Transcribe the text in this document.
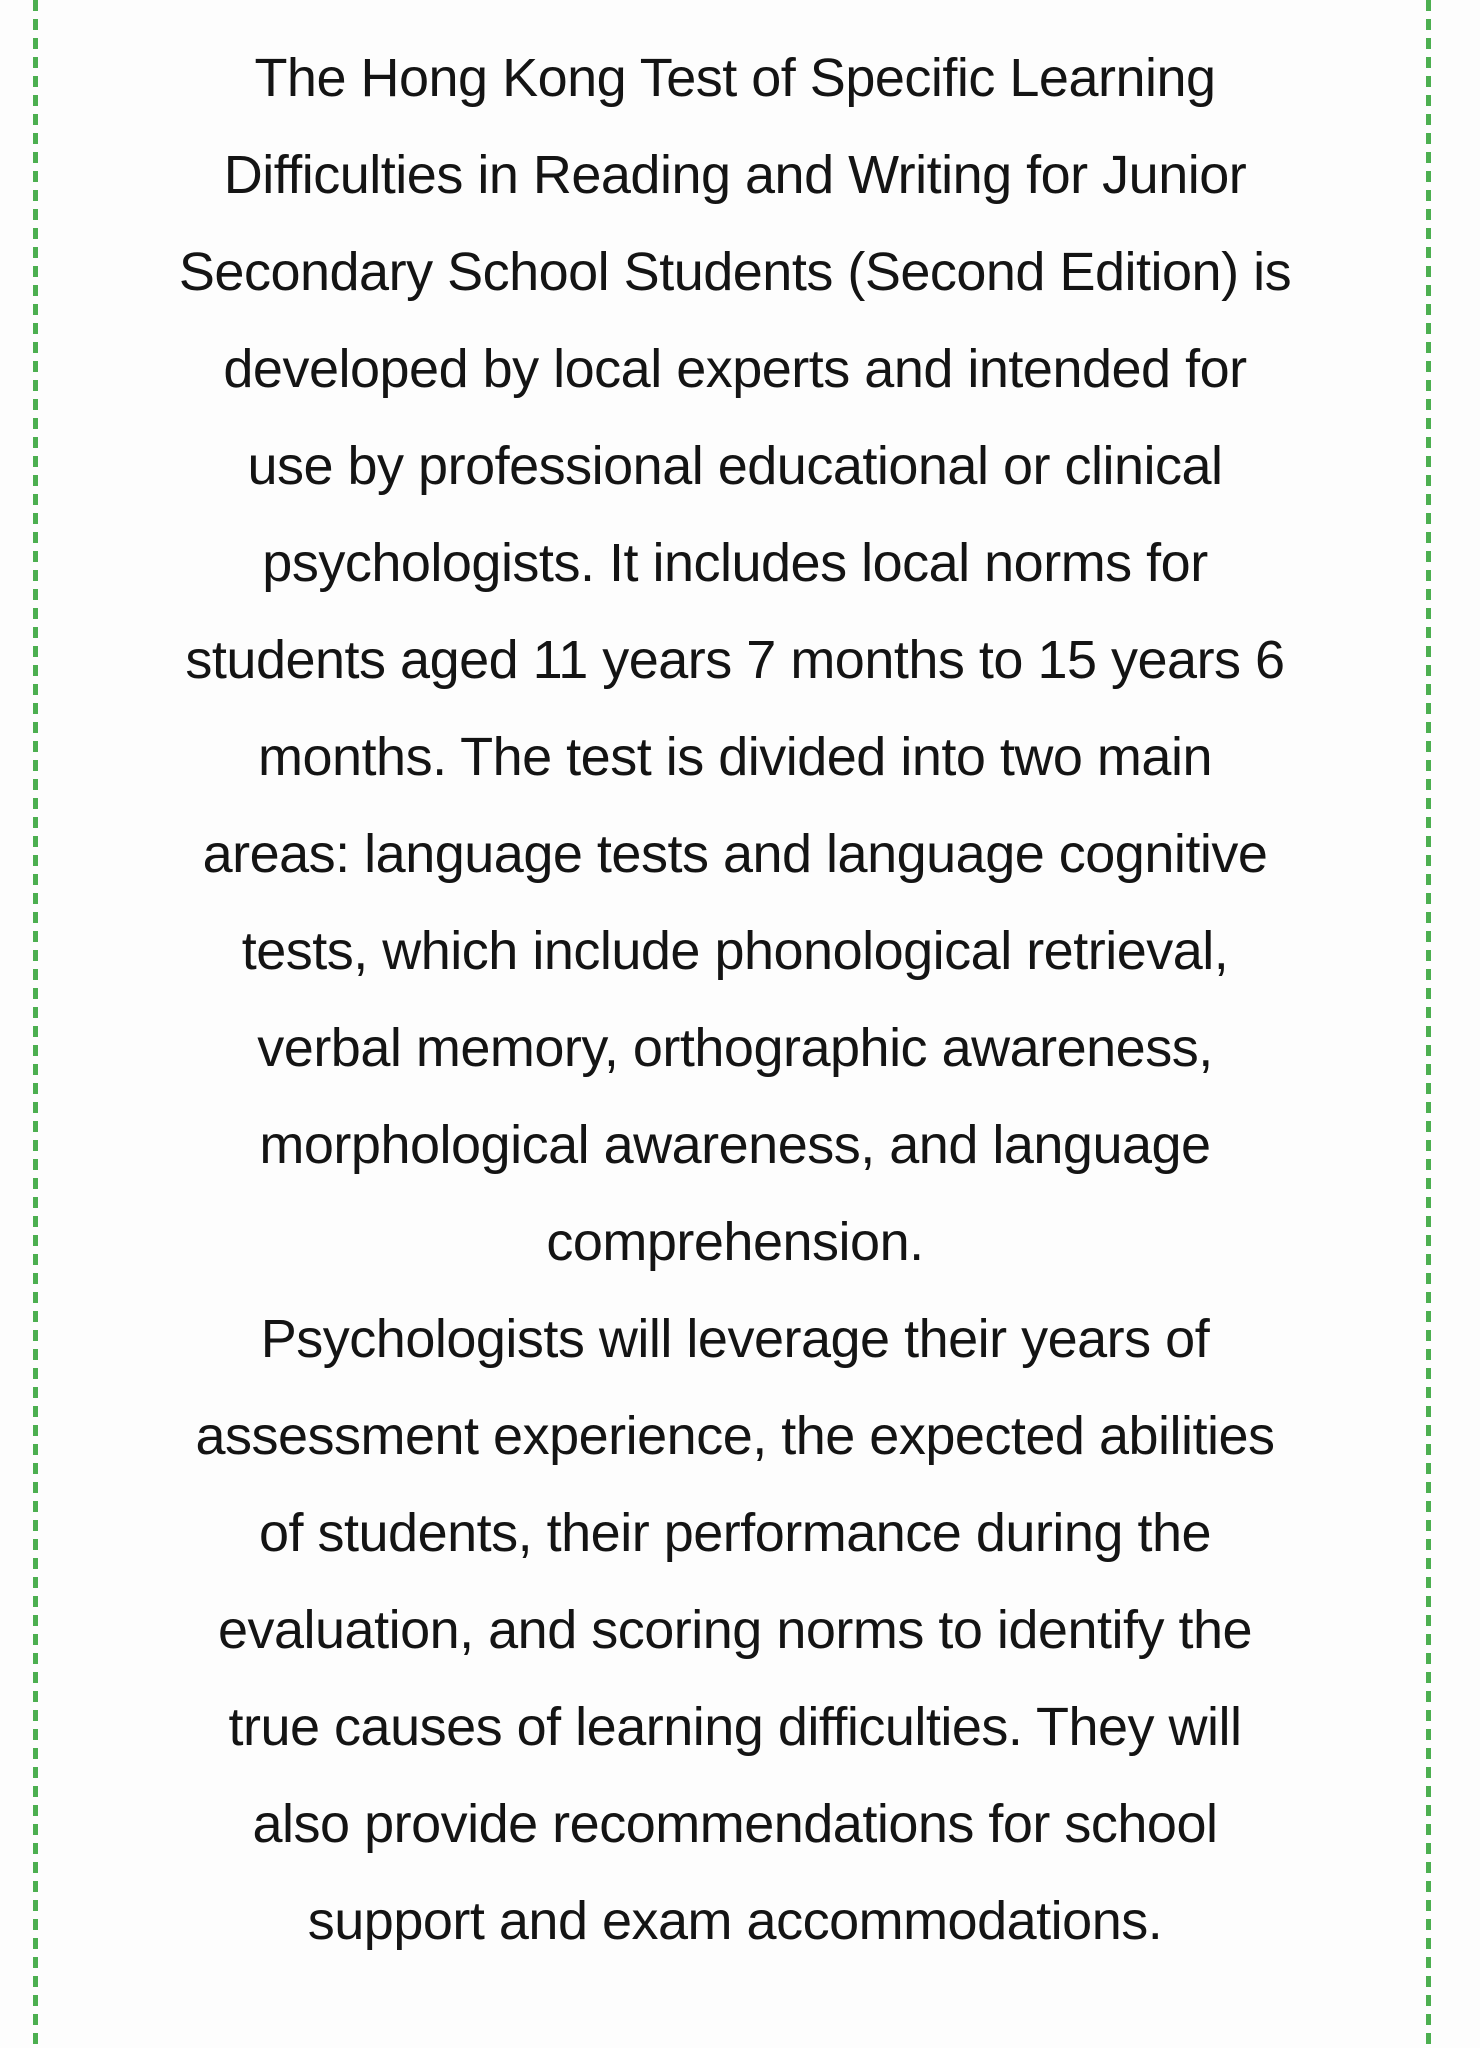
The Hong Kong Test of Specific Learning
Difficulties in Reading and Writing for Junior
Secondary School Students (Second Edition) is
developed by local experts and intended for
use by professional educational or clinical
psychologists. It includes local norms for
students aged 11 years 7 months to 15 years 6
months. The test is divided into two main
areas: language tests and language cognitive
tests, which include phonological retrieval,
verbal memory, orthographic awareness,
morphological awareness, and language
comprehension.
Psychologists will leverage their years of
assessment experience, the expected abilities
of students, their performance during the
evaluation, and scoring norms to identify the
true causes of learning difficulties. They will
also provide recommendations for school
support and exam accommodations.
